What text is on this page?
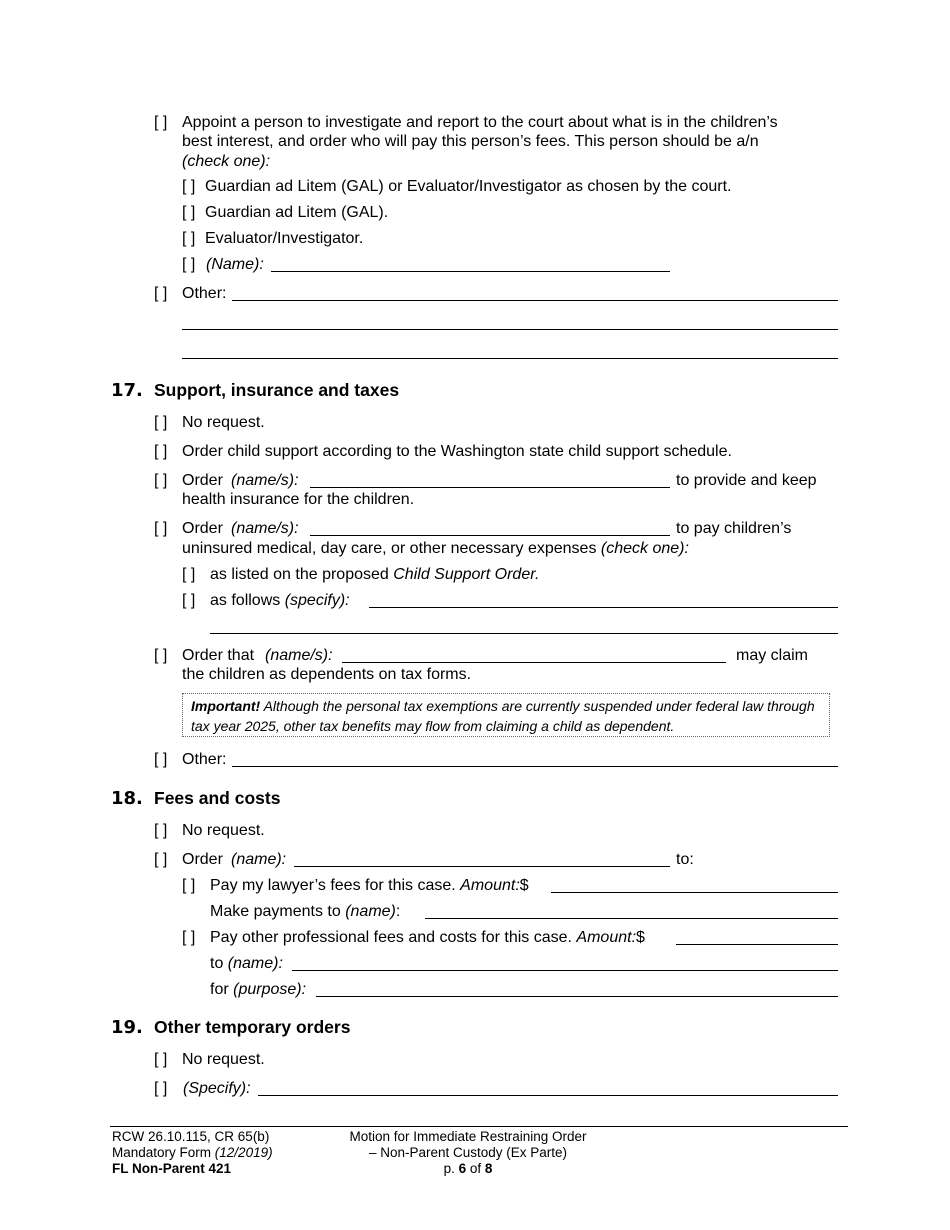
[ ] Appoint a person to investigate and report to the court about what is in the children’s
best interest, and order who will pay this person’s fees. This person should be a/n
(check one):
[ ] Guardian ad Litem (GAL) or Evaluator/Investigator as chosen by the court.
[ ] Guardian ad Litem (GAL).
[ ] Evaluator/Investigator.
[ ] (Name):
[ ] Other:
17. Support, insurance and taxes
[ ] No request.
[ ] Order child support according to the Washington state child support schedule.
[ ] Order (name/s):	to provide and keep
health insurance for the children.
[ ] Order (name/s):	to pay children’s
uninsured medical, day care, or other necessary expenses (check one):
[ ] as listed on the proposed Child Support Order.
[ ] as follows (specify):
[ ] Order that (name/s):	may claim
the children as dependents on tax forms.
Important! Although the personal tax exemptions are currently suspended under federal law through
tax year 2025, other tax benefits may flow from claiming a child as dependent.
[ ] Other:
18. Fees and costs
[ ] No request.
[ ] Order (name):	to:
[ ] Pay my lawyer’s fees for this case. Amount:$
Make payments to (name):
[ ] Pay other professional fees and costs for this case. Amount:$
to (name):
for (purpose):
19. Other temporary orders
[ ] No request.
[ ] (Specify):
RCW 26.10.115, CR 65(b)
Mandatory Form (12/2019)
FL Non-Parent 421
Motion for Immediate Restraining Order
– Non-Parent Custody (Ex Parte)
p. 6 of 8
